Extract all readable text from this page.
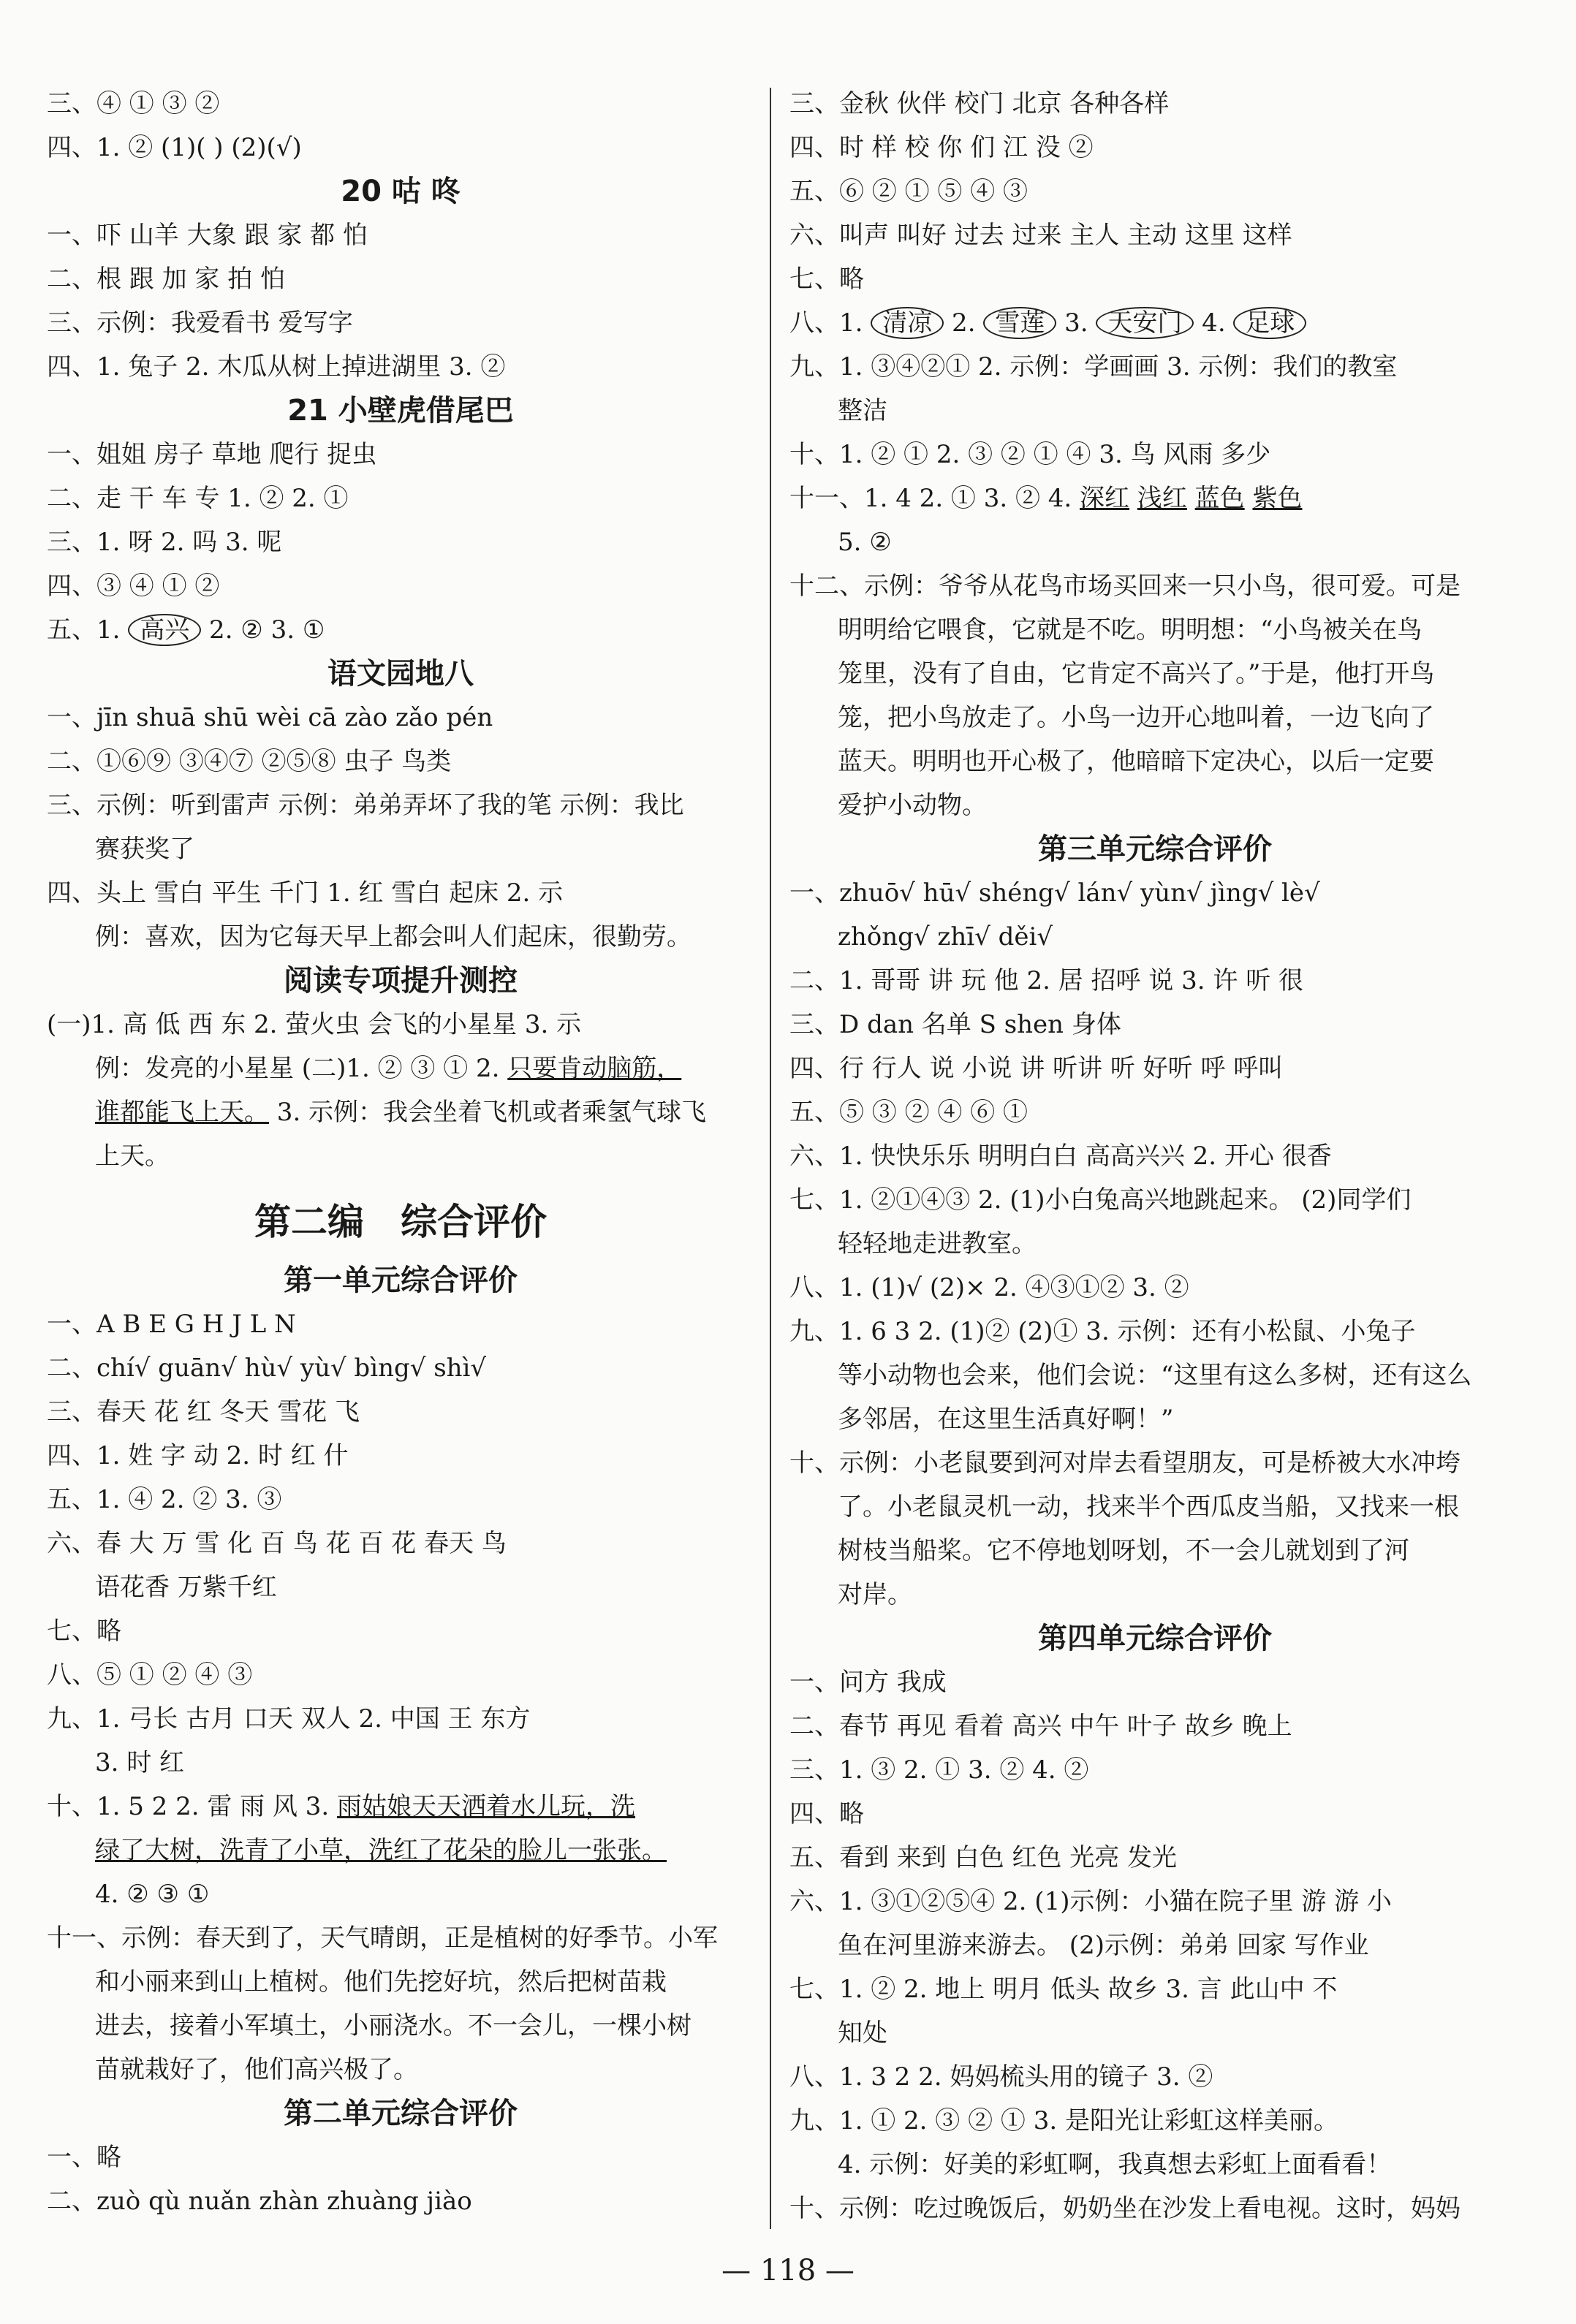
三、④ ① ③ ②
四、1. ② (1)( ) (2)(√)
20 咕 咚
一、吓 山羊 大象 跟 家 都 怕
二、根 跟 加 家 拍 怕
三、示例：我爱看书 爱写字
四、1. 兔子 2. 木瓜从树上掉进湖里 3. ②
21 小壁虎借尾巴
一、姐姐 房子 草地 爬行 捉虫
二、走 干 车 专 1. ② 2. ①
三、1. 呀 2. 吗 3. 呢
四、③ ④ ① ②
五、1. 高兴 2. ② 3. ①
语文园地八
一、jīn shuā shū wèi cā zào zǎo pén
二、①⑥⑨ ③④⑦ ②⑤⑧ 虫子 鸟类
三、示例：听到雷声 示例：弟弟弄坏了我的笔 示例：我比
赛获奖了
四、头上 雪白 平生 千门 1. 红 雪白 起床 2. 示
例：喜欢，因为它每天早上都会叫人们起床，很勤劳。
阅读专项提升测控
(一)1. 高 低 西 东 2. 萤火虫 会飞的小星星 3. 示
例：发亮的小星星 (二)1. ② ③ ① 2. 只要肯动脑筋，
谁都能飞上天。 3. 示例：我会坐着飞机或者乘氢气球飞
上天。
第二编　综合评价
第一单元综合评价
一、A B E G H J L N
二、chí√ guān√ hù√ yù√ bìng√ shì√
三、春天 花 红 冬天 雪花 飞
四、1. 姓 字 动 2. 时 红 什
五、1. ④ 2. ② 3. ③
六、春 大 万 雪 化 百 鸟 花 百 花 春天 鸟
语花香 万紫千红
七、略
八、⑤ ① ② ④ ③
九、1. 弓长 古月 口天 双人 2. 中国 王 东方
3. 时 红
十、1. 5 2 2. 雷 雨 风 3. 雨姑娘天天洒着水儿玩，洗
绿了大树，洗青了小草，洗红了花朵的脸儿一张张。
4. ② ③ ①
十一、示例：春天到了，天气晴朗，正是植树的好季节。小军
和小丽来到山上植树。他们先挖好坑，然后把树苗栽
进去，接着小军填土，小丽浇水。不一会儿，一棵小树
苗就栽好了，他们高兴极了。
第二单元综合评价
一、略
二、zuò qù nuǎn zhàn zhuàng jiào
三、金秋 伙伴 校门 北京 各种各样
四、时 样 校 你 们 江 没 ②
五、⑥ ② ① ⑤ ④ ③
六、叫声 叫好 过去 过来 主人 主动 这里 这样
七、略
八、1. 清凉 2. 雪莲 3. 天安门 4. 足球
九、1. ③④②① 2. 示例：学画画 3. 示例：我们的教室
整洁
十、1. ② ① 2. ③ ② ① ④ 3. 鸟 风雨 多少
十一、1. 4 2. ① 3. ② 4. 深红 浅红 蓝色 紫色
5. ②
十二、示例：爷爷从花鸟市场买回来一只小鸟，很可爱。可是
明明给它喂食，它就是不吃。明明想：“小鸟被关在鸟
笼里，没有了自由，它肯定不高兴了。”于是，他打开鸟
笼，把小鸟放走了。小鸟一边开心地叫着，一边飞向了
蓝天。明明也开心极了，他暗暗下定决心，以后一定要
爱护小动物。
第三单元综合评价
一、zhuō√ hū√ shéng√ lán√ yùn√ jìng√ lè√
zhǒng√ zhī√ děi√
二、1. 哥哥 讲 玩 他 2. 居 招呼 说 3. 许 听 很
三、D dan 名单 S shen 身体
四、行 行人 说 小说 讲 听讲 听 好听 呼 呼叫
五、⑤ ③ ② ④ ⑥ ①
六、1. 快快乐乐 明明白白 高高兴兴 2. 开心 很香
七、1. ②①④③ 2. (1)小白兔高兴地跳起来。 (2)同学们
轻轻地走进教室。
八、1. (1)√ (2)× 2. ④③①② 3. ②
九、1. 6 3 2. (1)② (2)① 3. 示例：还有小松鼠、小兔子
等小动物也会来，他们会说：“这里有这么多树，还有这么
多邻居，在这里生活真好啊！”
十、示例：小老鼠要到河对岸去看望朋友，可是桥被大水冲垮
了。小老鼠灵机一动，找来半个西瓜皮当船，又找来一根
树枝当船桨。它不停地划呀划，不一会儿就划到了河
对岸。
第四单元综合评价
一、问方 我成
二、春节 再见 看着 高兴 中午 叶子 故乡 晚上
三、1. ③ 2. ① 3. ② 4. ②
四、略
五、看到 来到 白色 红色 光亮 发光
六、1. ③①②⑤④ 2. (1)示例：小猫在院子里 游 游 小
鱼在河里游来游去。 (2)示例：弟弟 回家 写作业
七、1. ② 2. 地上 明月 低头 故乡 3. 言 此山中 不
知处
八、1. 3 2 2. 妈妈梳头用的镜子 3. ②
九、1. ① 2. ③ ② ① 3. 是阳光让彩虹这样美丽。
4. 示例：好美的彩虹啊，我真想去彩虹上面看看！
十、示例：吃过晚饭后，奶奶坐在沙发上看电视。这时，妈妈
— 118 —
